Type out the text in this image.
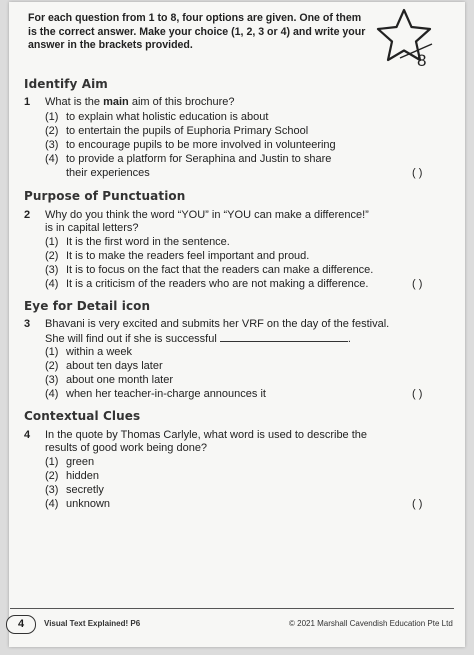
For each question from 1 to 8, four options are given. One of them is the correct answer. Make your choice (1, 2, 3 or 4) and write your answer in the brackets provided.
8
Identify Aim
1 What is the main aim of this brochure?
(1) to explain what holistic education is about
(2) to entertain the pupils of Euphoria Primary School
(3) to encourage pupils to be more involved in volunteering
(4) to provide a platform for Seraphina and Justin to share
their experiences	( )
Purpose of Punctuation
2 Why do you think the word “YOU” in “YOU can make a difference!”
is in capital letters?
(1) It is the first word in the sentence.
(2) It is to make the readers feel important and proud.
(3) It is to focus on the fact that the readers can make a difference.
(4) It is a criticism of the readers who are not making a difference.	( )
Eye for Detail icon
3 Bhavani is very excited and submits her VRF on the day of the festival.
She will find out if she is successful	.
(1) within a week
(2) about ten days later
(3) about one month later
(4) when her teacher-in-charge announces it	( )
Contextual Clues
4 In the quote by Thomas Carlyle, what word is used to describe the
results of good work being done?
(1) green
(2) hidden
(3) secretly
(4) unknown	( )
4	Visual Text Explained! P6	© 2021 Marshall Cavendish Education Pte Ltd
